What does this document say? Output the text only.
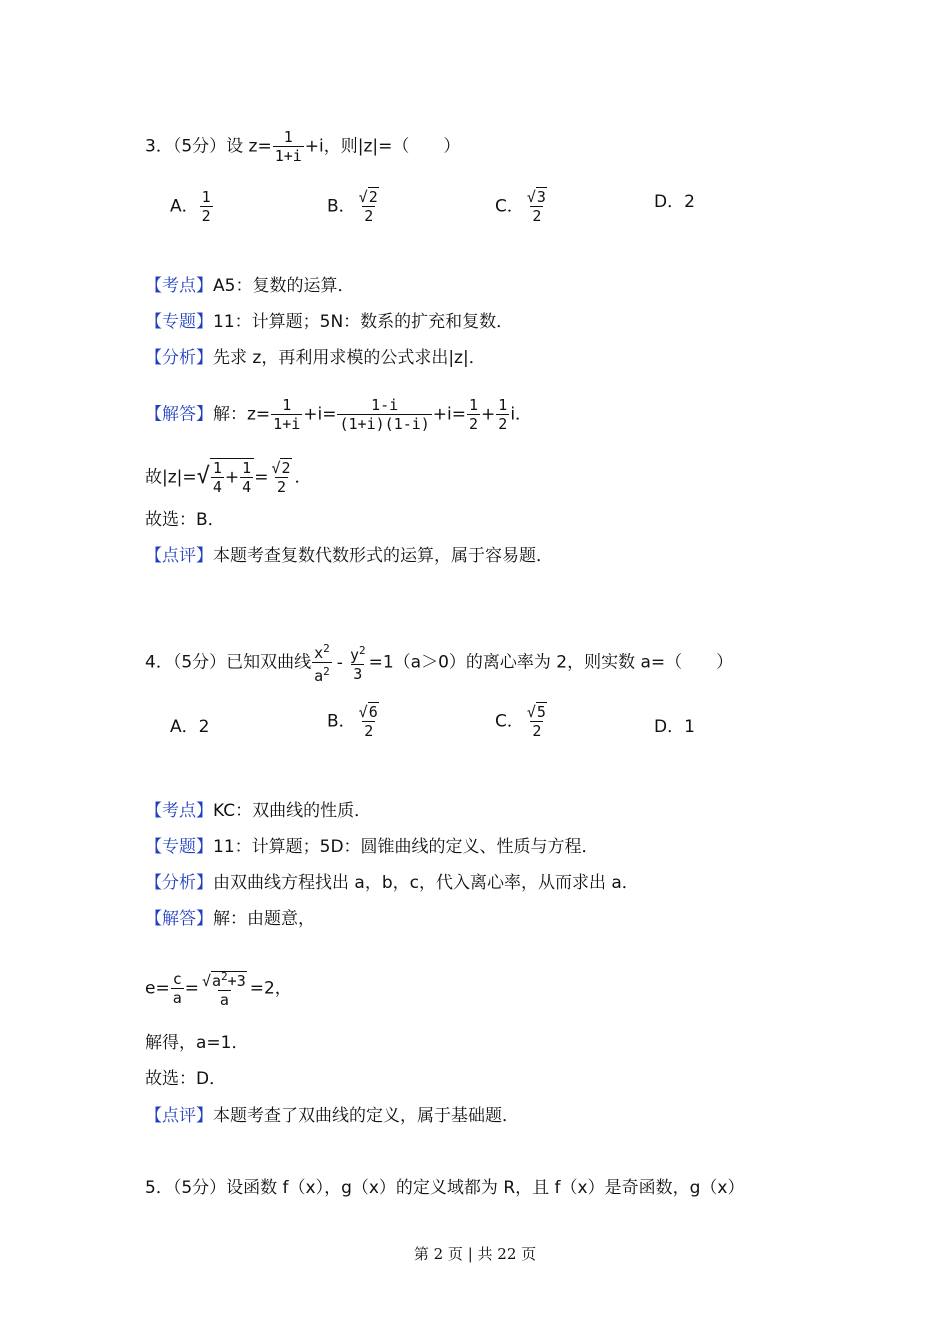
3．（5分）设 $z= \frac{1}{1+i} +i$，则|z|=（　　）
A． $\frac{1}{2}$	B． $\frac{√2}{2}$	C． $\frac{√3}{2}$	D．2
【考点】A5：复数的运算．
【专题】11：计算题；5N：数系的扩充和复数．
【分析】先求 z，再利用求模的公式求出|z|．
【解答】解：$z= \frac{1}{1+i} +i= \frac{1-i}{(1+i)(1-i)} +i= \frac{1}{2} + \frac{1}{2}$ i．
故$|z|=√ \frac{1}{4} + \frac{1}{4} = \frac{√2}{2}$ ．
故选：B．
【点评】本题考查复数代数形式的运算，属于容易题．
4．（5分）已知双曲线 $\frac{x^2}{a^2} - \frac{y^2}{3} =1(a>0)$的离心率为 2，则实数 a=（　　）
A．2	B． $\frac{√6}{2}$	C． $\frac{√5}{2}$	D．1
【考点】KC：双曲线的性质．
【专题】11：计算题；5D：圆锥曲线的定义、性质与方程．
【分析】由双曲线方程找出 a，b，c，代入离心率，从而求出 a．
【解答】解：由题意，
$e= \frac{c}{a} = \frac{√a^2+3}{a} =2$，
解得，a=1．
故选：D．
【点评】本题考查了双曲线的定义，属于基础题．
5．（5分）设函数 f（x），g（x）的定义域都为 R，且 f（x）是奇函数，g（x）
第 2 页 | 共 22 页
